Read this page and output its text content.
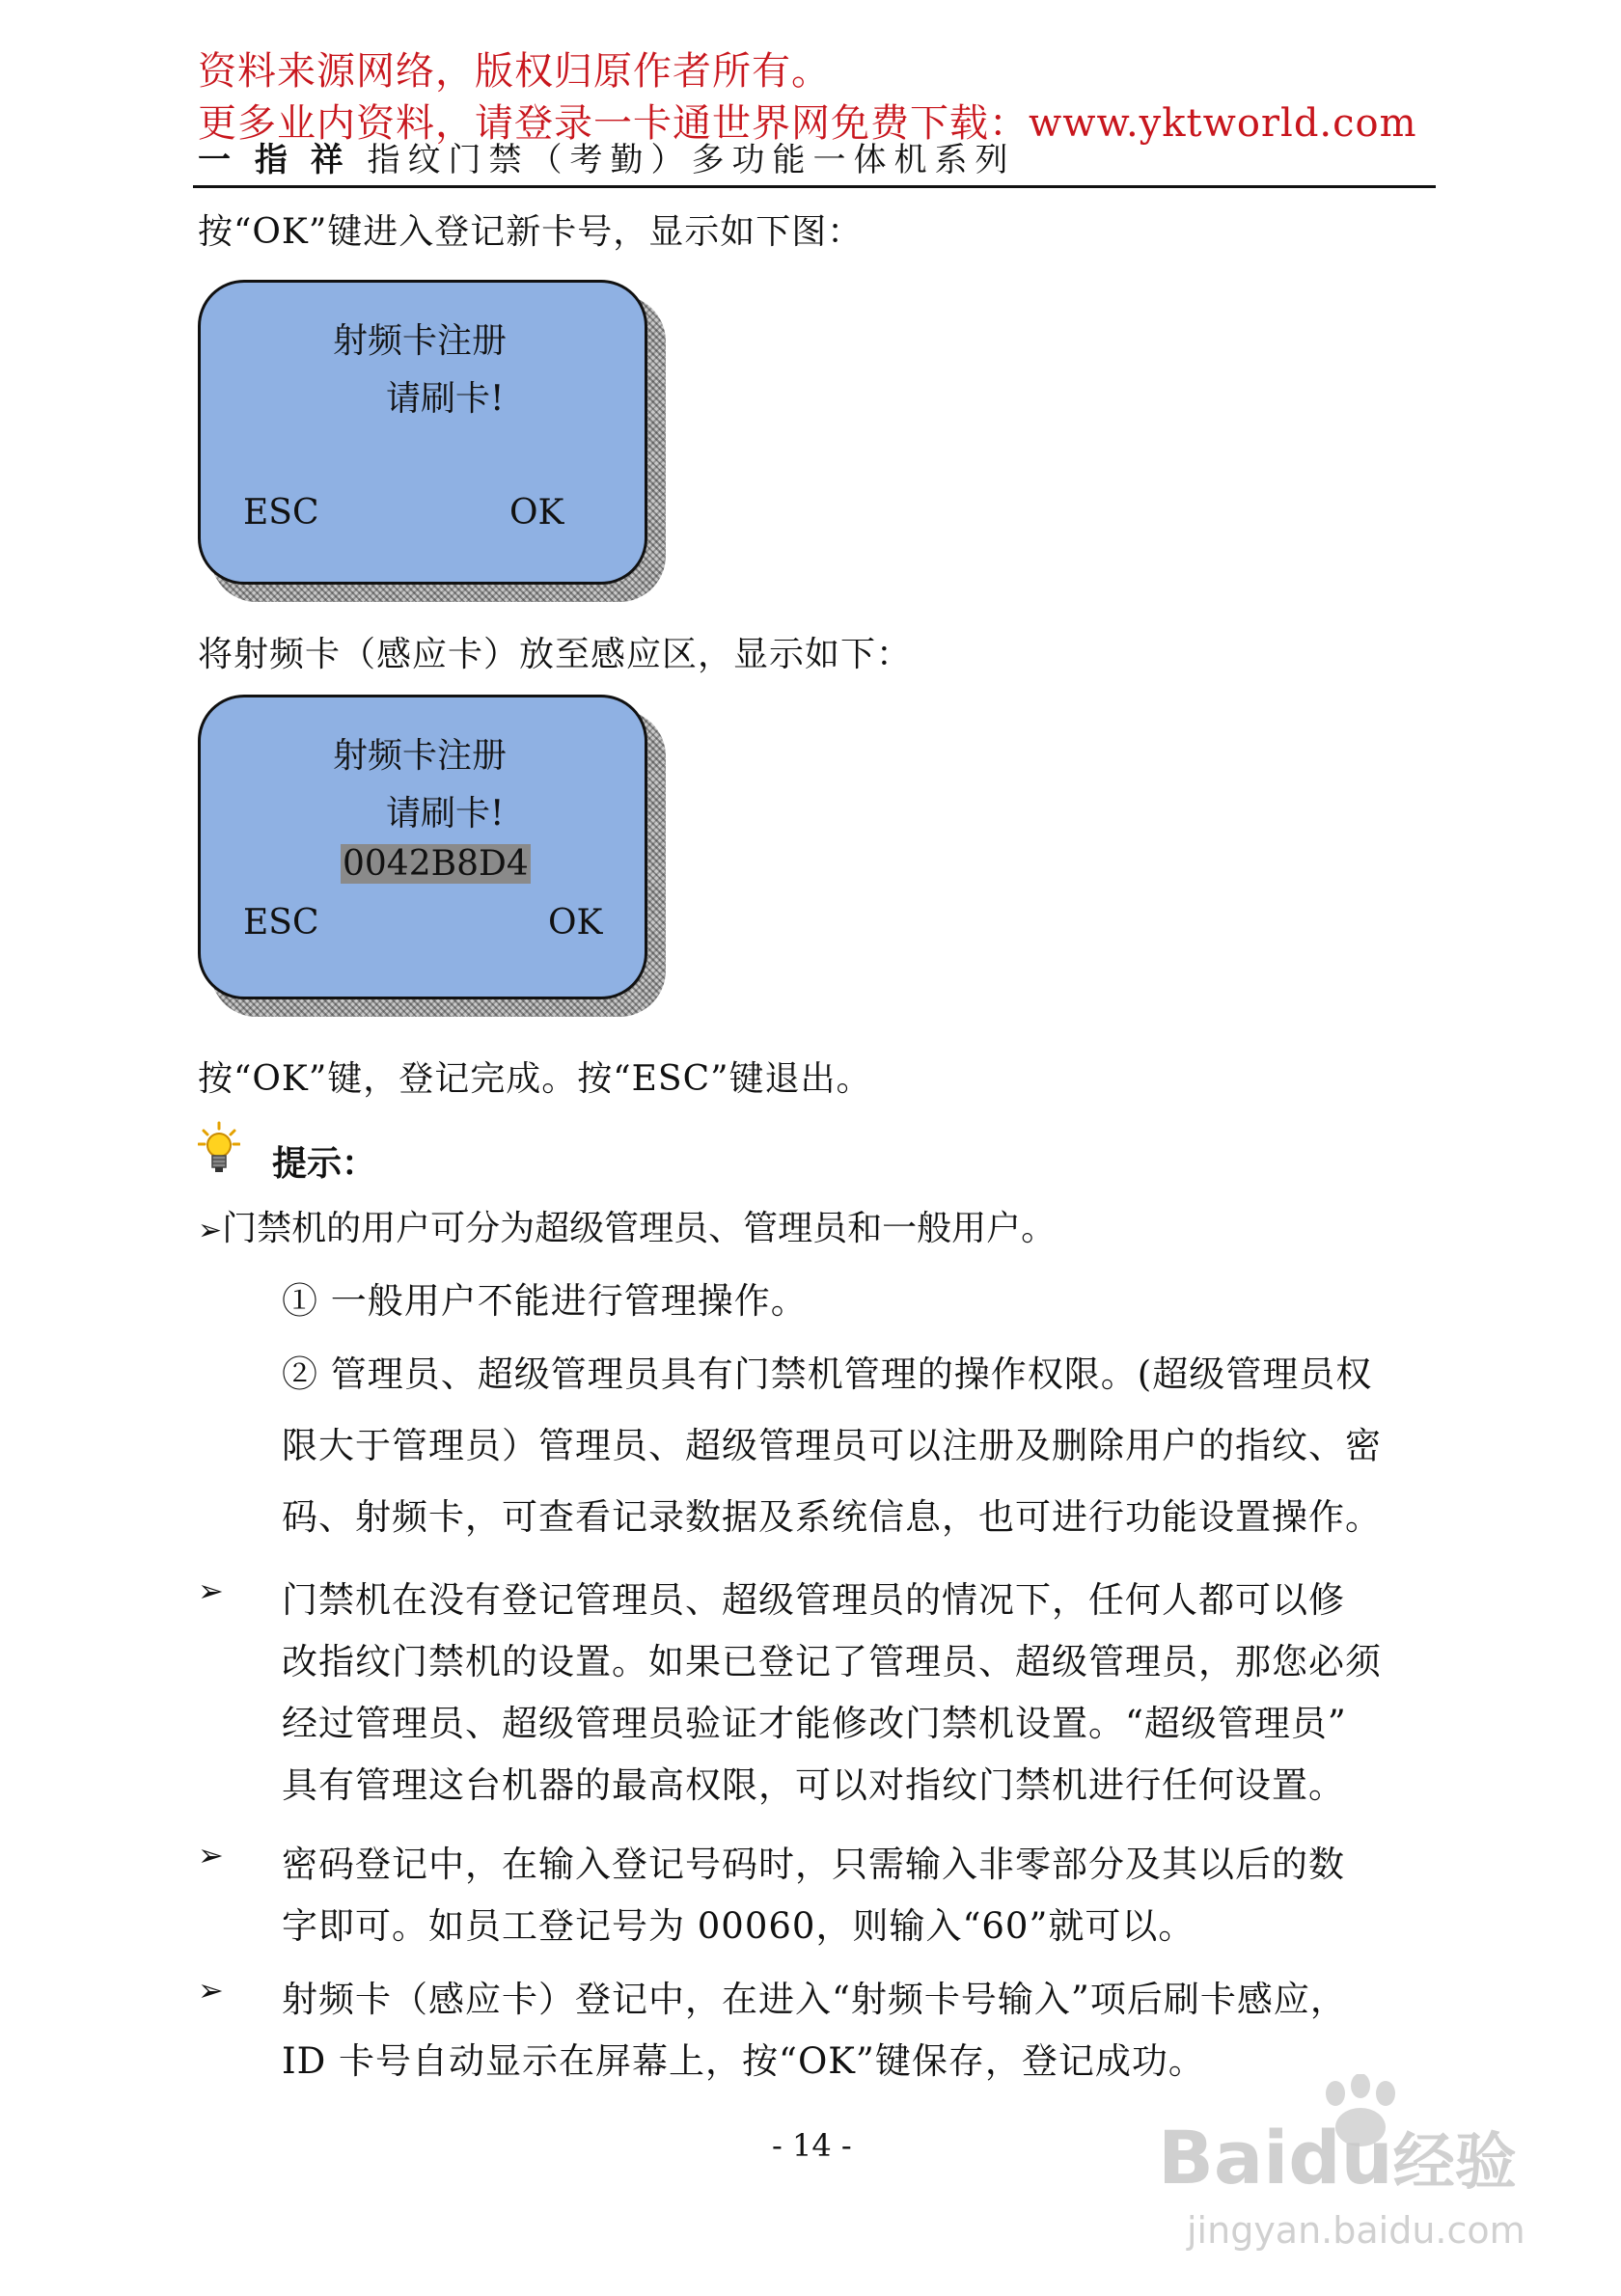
资料来源网络，版权归原作者所有。
更多业内资料，请登录一卡通世界网免费下载：www.yktworld.com
一 指 祥 指纹门禁（考勤）多功能一体机系列
按“OK”键进入登记新卡号，显示如下图：
射频卡注册
请刷卡!
ESC	OK
将射频卡（感应卡）放至感应区，显示如下：
射频卡注册
请刷卡!
0042B8D4
ESC	OK
按“OK”键，登记完成。按“ESC”键退出。
提示：
➢门禁机的用户可分为超级管理员、管理员和一般用户。
① 一般用户不能进行管理操作。
② 管理员、超级管理员具有门禁机管理的操作权限。(超级管理员权
限大于管理员）管理员、超级管理员可以注册及删除用户的指纹、密
码、射频卡，可查看记录数据及系统信息，也可进行功能设置操作。
➢ 门禁机在没有登记管理员、超级管理员的情况下，任何人都可以修
改指纹门禁机的设置。如果已登记了管理员、超级管理员，那您必须
经过管理员、超级管理员验证才能修改门禁机设置。“超级管理员”
具有管理这台机器的最高权限，可以对指纹门禁机进行任何设置。
➢ 密码登记中，在输入登记号码时，只需输入非零部分及其以后的数
字即可。如员工登记号为 00060，则输入“60”就可以。
➢ 射频卡（感应卡）登记中，在进入“射频卡号输入”项后刷卡感应，
ID 卡号自动显示在屏幕上，按“OK”键保存，登记成功。
- 14 -	Baidu经验
jingyan.baidu.com
